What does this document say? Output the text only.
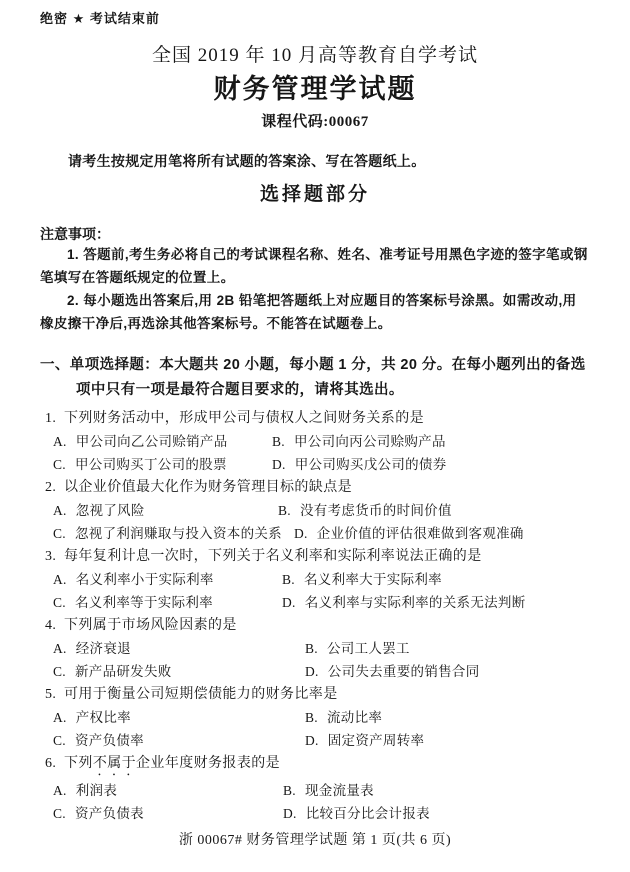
绝密 ★ 考试结束前
全国 2019 年 10 月高等教育自学考试
财务管理学试题
课程代码:00067

请考生按规定用笔将所有试题的答案涂、写在答题纸上。

选择题部分
注意事项：

1. 答题前,考生务必将自己的考试课程名称、姓名、准考证号用黑色字迹的签字笔或钢笔填写在答题纸规定的位置上。

2. 每小题选出答案后,用 2B 铅笔把答题纸上对应题目的答案标号涂黑。如需改动,用橡皮擦干净后,再选涂其他答案标号。不能答在试题卷上。

一、单项选择题：本大题共 20 小题，每小题 1 分，共 20 分。在每小题列出的备选项中只有一项是最符合题目要求的，请将其选出。
1. 下列财务活动中，形成甲公司与债权人之间财务关系的是
A. 甲公司向乙公司赊销产品	B. 甲公司向丙公司赊购产品
C. 甲公司购买丁公司的股票	D. 甲公司购买戊公司的债券
2. 以企业价值最大化作为财务管理目标的缺点是
A. 忽视了风险	B. 没有考虑货币的时间价值
C. 忽视了利润赚取与投入资本的关系 D. 企业价值的评估很难做到客观准确
3. 每年复利计息一次时，下列关于名义利率和实际利率说法正确的是
A. 名义利率小于实际利率	B. 名义利率大于实际利率
C. 名义利率等于实际利率	D. 名义利率与实际利率的关系无法判断
4. 下列属于市场风险因素的是
A. 经济衰退	B. 公司工人罢工
C. 新产品研发失败	D. 公司失去重要的销售合同
5. 可用于衡量公司短期偿债能力的财务比率是
A. 产权比率	B. 流动比率
C. 资产负债率	D. 固定资产周转率
6. 下列不属于企业年度财务报表的是
A. 利润表	B. 现金流量表
C. 资产负债表	D. 比较百分比会计报表
浙 00067# 财务管理学试题 第 1 页(共 6 页)
